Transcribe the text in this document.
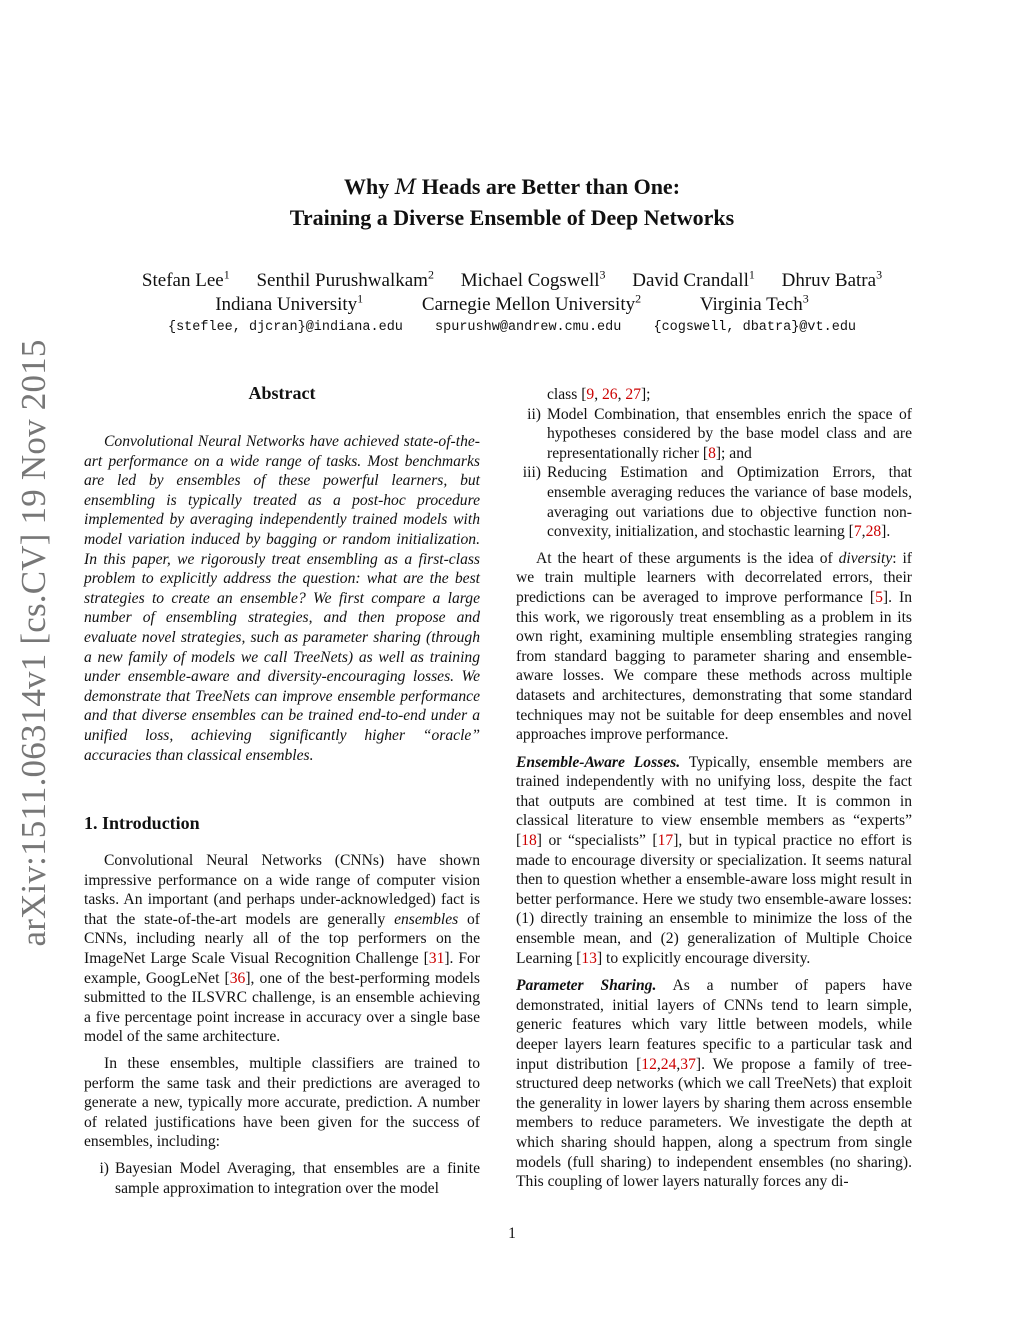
arXiv:1511.06314v1 [cs.CV] 19 Nov 2015
Why M Heads are Better than One:
Training a Diverse Ensemble of Deep Networks
Stefan Lee$^1$ Senthil Purushwalkam$^2$ Michael Cogswell$^3$ David Crandall$^1$ Dhruv Batra$^3$
Indiana University$^1$	Carnegie Mellon University$^2$	Virginia Tech$^3$
{steflee, djcran}@indiana.edu spurushw@andrew.cmu.edu {cogswell, dbatra}@vt.edu
Abstract

Convolutional Neural Networks have achieved state-of-the-art performance on a wide range of tasks. Most benchmarks are led by ensembles of these powerful learners, but ensembling is typically treated as a post-hoc procedure implemented by averaging independently trained models with model variation induced by bagging or random initialization. In this paper, we rigorously treat ensembling as a first-class problem to explicitly address the question: what are the best strategies to create an ensemble? We first compare a large number of ensembling strategies, and then propose and evaluate novel strategies, such as parameter sharing (through a new family of models we call TreeNets) as well as training under ensemble-aware and diversity-encouraging losses. We demonstrate that TreeNets can improve ensemble performance and that diverse ensembles can be trained end-to-end under a unified loss, achieving significantly higher “oracle” accuracies than classical ensembles.

1. Introduction

Convolutional Neural Networks (CNNs) have shown impressive performance on a wide range of computer vision tasks. An important (and perhaps under-acknowledged) fact is that the state-of-the-art models are generally ensembles of CNNs, including nearly all of the top performers on the ImageNet Large Scale Visual Recognition Challenge [31]. For example, GoogLeNet [36], one of the best-performing models submitted to the ILSVRC challenge, is an ensemble achieving a five percentage point increase in accuracy over a single base model of the same architecture.

In these ensembles, multiple classifiers are trained to perform the same task and their predictions are averaged to generate a new, typically more accurate, prediction. A number of related justifications have been given for the success of ensembles, including:

i) Bayesian Model Averaging, that ensembles are a finite sample approximation to integration over the model
class [9, 26, 27];
ii) Model Combination, that ensembles enrich the space of hypotheses considered by the base model class and are representationally richer [8]; and
iii) Reducing Estimation and Optimization Errors, that ensemble averaging reduces the variance of base models, averaging out variations due to objective function non-convexity, initialization, and stochastic learning [7,28].

At the heart of these arguments is the idea of diversity: if we train multiple learners with decorrelated errors, their predictions can be averaged to improve performance [5]. In this work, we rigorously treat ensembling as a problem in its own right, examining multiple ensembling strategies ranging from standard bagging to parameter sharing and ensemble-aware losses. We compare these methods across multiple datasets and architectures, demonstrating that some standard techniques may not be suitable for deep ensembles and novel approaches improve performance.

Ensemble-Aware Losses. Typically, ensemble members are trained independently with no unifying loss, despite the fact that outputs are combined at test time. It is common in classical literature to view ensemble members as “experts” [18] or “specialists” [17], but in typical practice no effort is made to encourage diversity or specialization. It seems natural then to question whether a ensemble-aware loss might result in better performance. Here we study two ensemble-aware losses: (1) directly training an ensemble to minimize the loss of the ensemble mean, and (2) generalization of Multiple Choice Learning [13] to explicitly encourage diversity.

Parameter Sharing. As a number of papers have demonstrated, initial layers of CNNs tend to learn simple, generic features which vary little between models, while deeper layers learn features specific to a particular task and input distribution [12,24,37]. We propose a family of tree-structured deep networks (which we call TreeNets) that exploit the generality in lower layers by sharing them across ensemble members to reduce parameters. We investigate the depth at which sharing should happen, along a spectrum from single models (full sharing) to independent ensembles (no sharing). This coupling of lower layers naturally forces any di-

1
